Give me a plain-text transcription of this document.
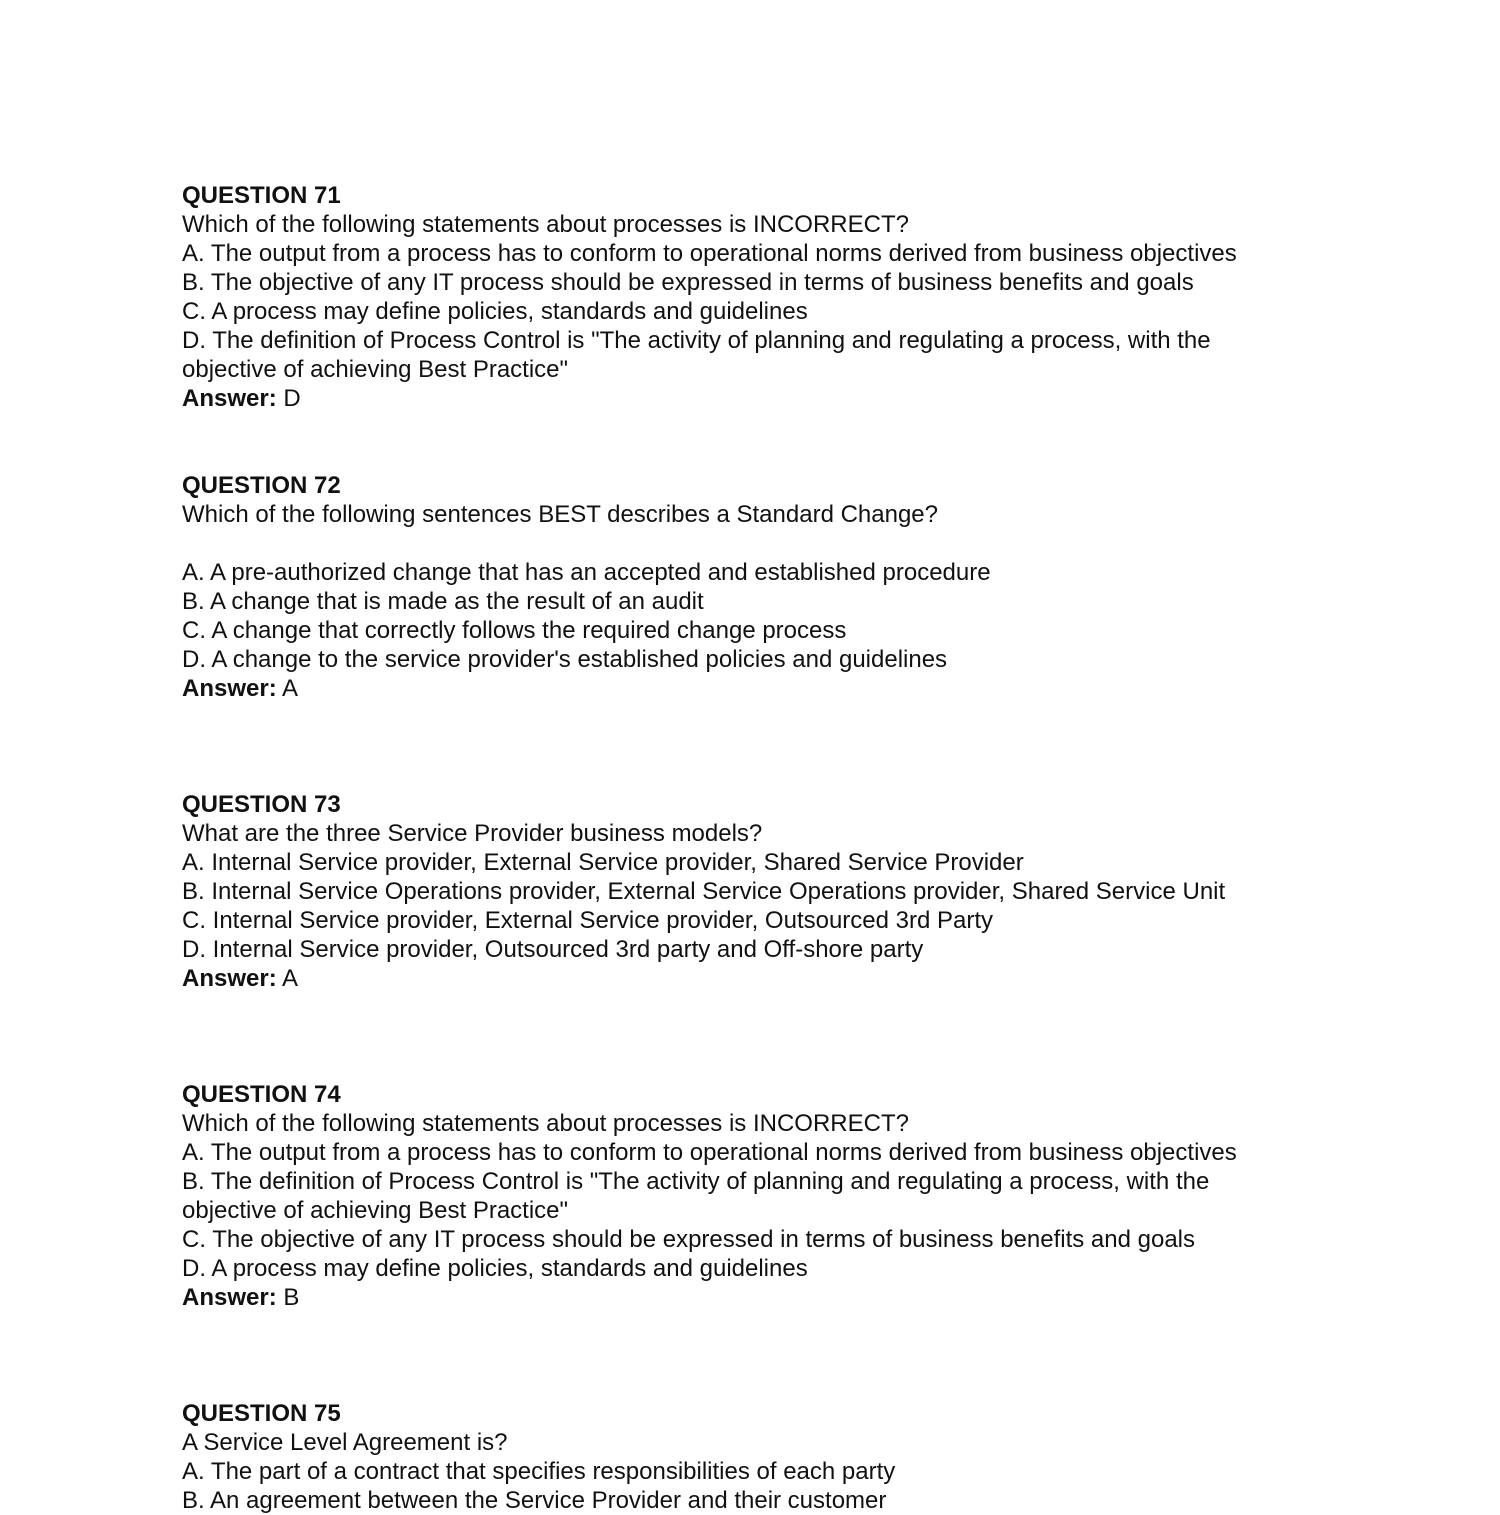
QUESTION 71
Which of the following statements about processes is INCORRECT?
A. The output from a process has to conform to operational norms derived from business objectives
B. The objective of any IT process should be expressed in terms of business benefits and goals
C. A process may define policies, standards and guidelines
D. The definition of Process Control is "The activity of planning and regulating a process, with the
objective of achieving Best Practice"
Answer: D
QUESTION 72
Which of the following sentences BEST describes a Standard Change?
A. A pre-authorized change that has an accepted and established procedure
B. A change that is made as the result of an audit
C. A change that correctly follows the required change process
D. A change to the service provider's established policies and guidelines
Answer: A
QUESTION 73
What are the three Service Provider business models?
A. Internal Service provider, External Service provider, Shared Service Provider
B. Internal Service Operations provider, External Service Operations provider, Shared Service Unit
C. Internal Service provider, External Service provider, Outsourced 3rd Party
D. Internal Service provider, Outsourced 3rd party and Off-shore party
Answer: A
QUESTION 74
Which of the following statements about processes is INCORRECT?
A. The output from a process has to conform to operational norms derived from business objectives
B. The definition of Process Control is "The activity of planning and regulating a process, with the
objective of achieving Best Practice"
C. The objective of any IT process should be expressed in terms of business benefits and goals
D. A process may define policies, standards and guidelines
Answer: B
QUESTION 75
A Service Level Agreement is?
A. The part of a contract that specifies responsibilities of each party
B. An agreement between the Service Provider and their customer
